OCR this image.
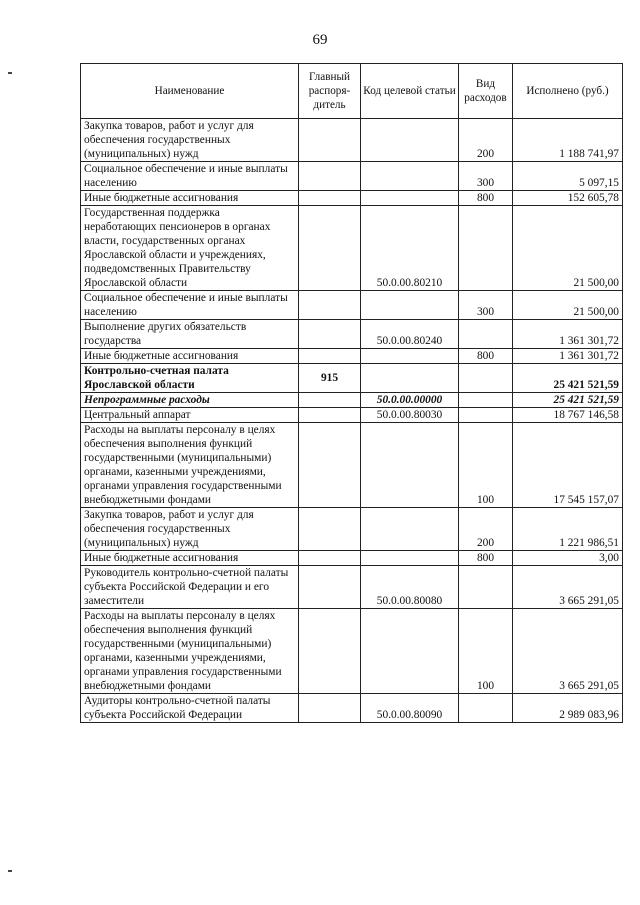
69
Наименование	Главный распоря-дитель	Код целевой статьи	Вид расходов	Исполнено (руб.)
Закупка товаров, работ и услуг для обеспечения государственных (муниципальных) нужд			200	1 188 741,97
Социальное обеспечение и иные выплаты населению			300	5 097,15
Иные бюджетные ассигнования			800	152 605,78
Государственная поддержка неработающих пенсионеров в органах власти, государственных органах Ярославской области и учреждениях, подведомственных Правительству Ярославской области		50.0.00.80210		21 500,00
Социальное обеспечение и иные выплаты населению			300	21 500,00
Выполнение других обязательств государства		50.0.00.80240		1 361 301,72
Иные бюджетные ассигнования			800	1 361 301,72
Контрольно-счетная палата Ярославской области	915			25 421 521,59
Непрограммные расходы		50.0.00.00000		25 421 521,59
Центральный аппарат		50.0.00.80030		18 767 146,58
Расходы на выплаты персоналу в целях обеспечения выполнения функций государственными (муниципальными) органами, казенными учреждениями, органами управления государственными внебюджетными фондами			100	17 545 157,07
Закупка товаров, работ и услуг для обеспечения государственных (муниципальных) нужд			200	1 221 986,51
Иные бюджетные ассигнования			800	3,00
Руководитель контрольно-счетной палаты субъекта Российской Федерации и его заместители		50.0.00.80080		3 665 291,05
Расходы на выплаты персоналу в целях обеспечения выполнения функций государственными (муниципальными) органами, казенными учреждениями, органами управления государственными внебюджетными фондами			100	3 665 291,05
Аудиторы контрольно-счетной палаты субъекта Российской Федерации		50.0.00.80090		2 989 083,96
